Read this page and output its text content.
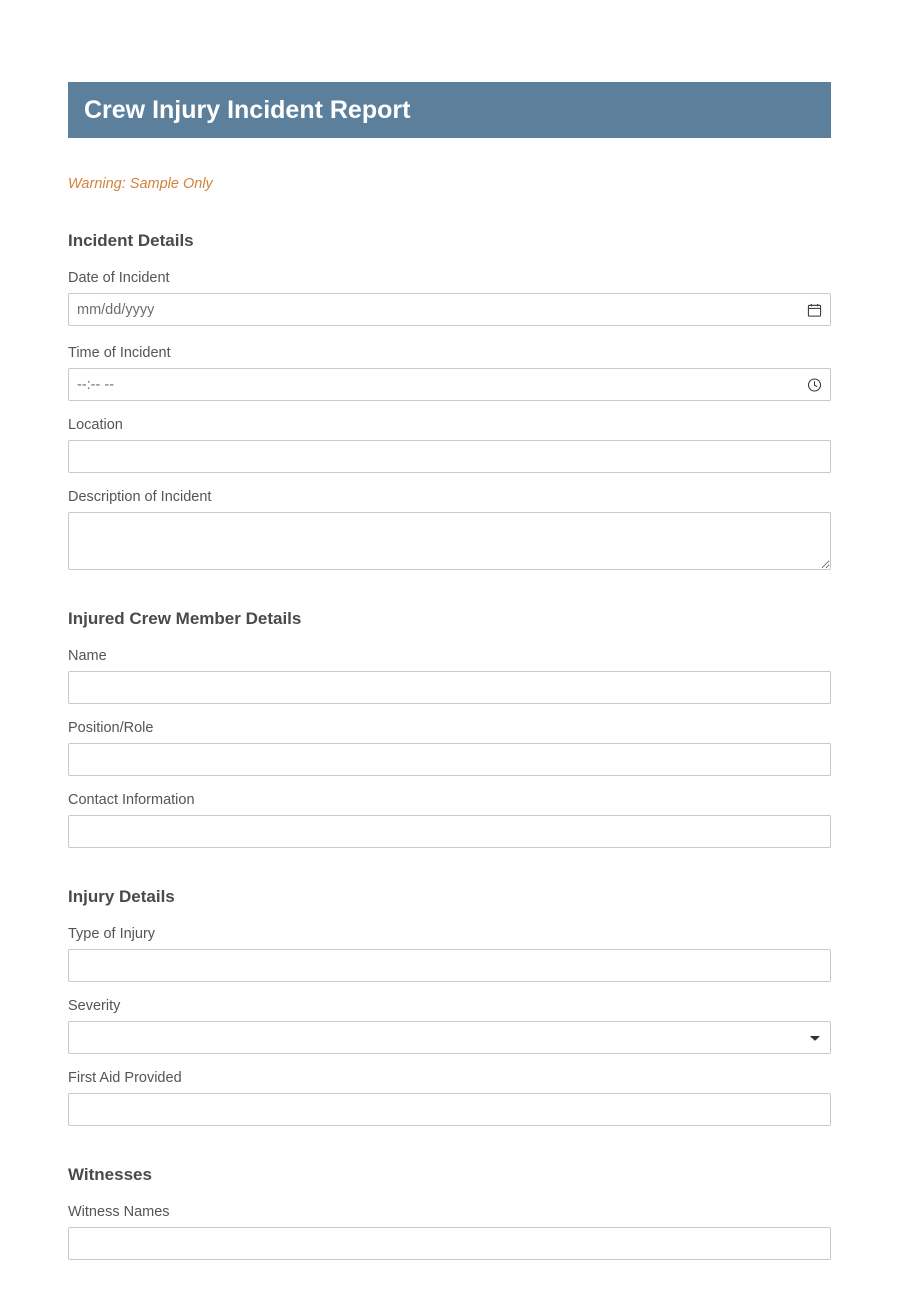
Crew Injury Incident Report
Warning: Sample Only
Incident Details
Date of Incident
mm/dd/yyyy
Time of Incident
--:-- --
Location
Description of Incident
Injured Crew Member Details
Name
Position/Role
Contact Information
Injury Details
Type of Injury
Severity
First Aid Provided
Witnesses
Witness Names
